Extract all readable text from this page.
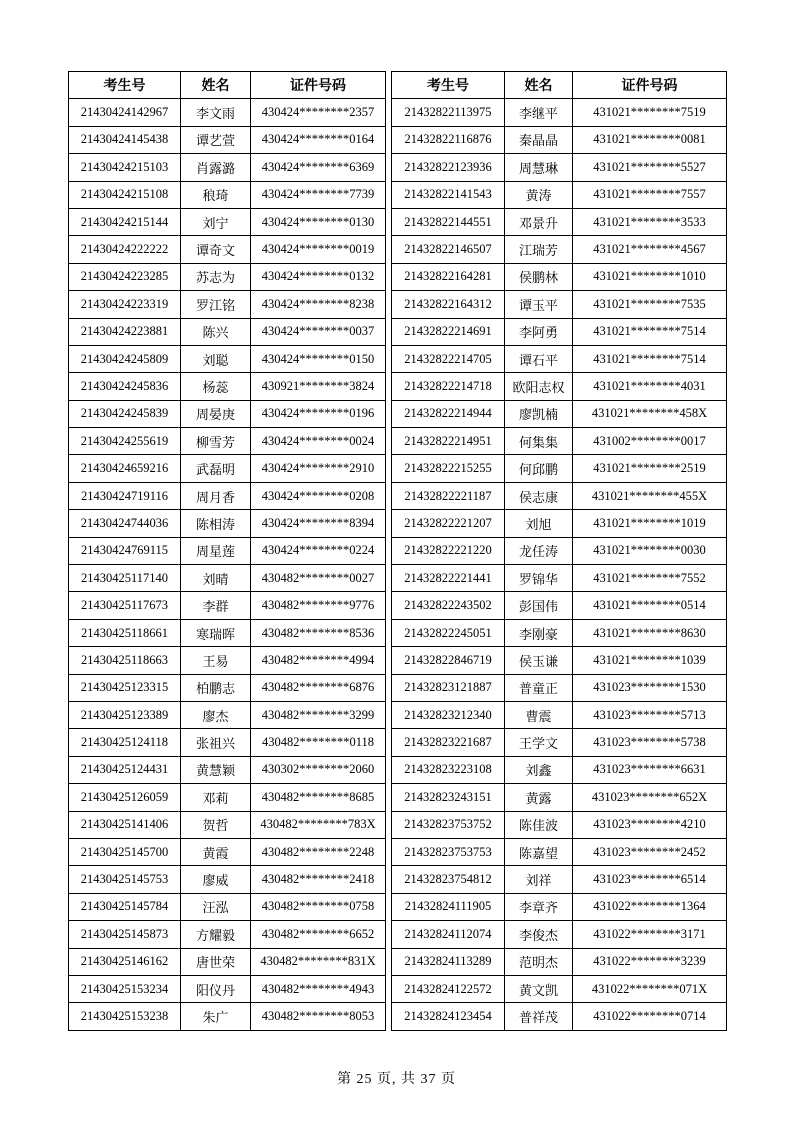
考生号	姓名	证件号码
21430424142967	李文雨	430424********2357
21430424145438	谭艺萱	430424********0164
21430424215103	肖露潞	430424********6369
21430424215108	稂琦	430424********7739
21430424215144	刘宁	430424********0130
21430424222222	谭奇文	430424********0019
21430424223285	苏志为	430424********0132
21430424223319	罗江铭	430424********8238
21430424223881	陈兴	430424********0037
21430424245809	刘聪	430424********0150
21430424245836	杨蕊	430921********3824
21430424245839	周晏庚	430424********0196
21430424255619	柳雪芳	430424********0024
21430424659216	武磊明	430424********2910
21430424719116	周月香	430424********0208
21430424744036	陈相涛	430424********8394
21430424769115	周星莲	430424********0224
21430425117140	刘晴	430482********0027
21430425117673	李群	430482********9776
21430425118661	寒瑞晖	430482********8536
21430425118663	王易	430482********4994
21430425123315	柏鹏志	430482********6876
21430425123389	廖杰	430482********3299
21430425124118	张祖兴	430482********0118
21430425124431	黄慧颖	430302********2060
21430425126059	邓莉	430482********8685
21430425141406	贺哲	430482********783X
21430425145700	黄霞	430482********2248
21430425145753	廖威	430482********2418
21430425145784	汪泓	430482********0758
21430425145873	方耀毅	430482********6652
21430425146162	唐世荣	430482********831X
21430425153234	阳仪丹	430482********4943
21430425153238	朱广	430482********8053
考生号	姓名	证件号码
21432822113975	李继平	431021********7519
21432822116876	秦晶晶	431021********0081
21432822123936	周慧琳	431021********5527
21432822141543	黄涛	431021********7557
21432822144551	邓景升	431021********3533
21432822146507	江瑞芳	431021********4567
21432822164281	侯鹏林	431021********1010
21432822164312	谭玉平	431021********7535
21432822214691	李阿勇	431021********7514
21432822214705	谭石平	431021********7514
21432822214718	欧阳志权	431021********4031
21432822214944	廖凯楠	431021********458X
21432822214951	何集集	431002********0017
21432822215255	何邱鹏	431021********2519
21432822221187	侯志康	431021********455X
21432822221207	刘旭	431021********1019
21432822221220	龙任涛	431021********0030
21432822221441	罗锦华	431021********7552
21432822243502	彭国伟	431021********0514
21432822245051	李刚豪	431021********8630
21432822846719	侯玉谦	431021********1039
21432823121887	普童正	431023********1530
21432823212340	曹震	431023********5713
21432823221687	王学文	431023********5738
21432823223108	刘鑫	431023********6631
21432823243151	黄露	431023********652X
21432823753752	陈佳波	431023********4210
21432823753753	陈嘉望	431023********2452
21432823754812	刘祥	431023********6514
21432824111905	李章齐	431022********1364
21432824112074	李俊杰	431022********3171
21432824113289	范明杰	431022********3239
21432824122572	黄文凯	431022********071X
21432824123454	普祥茂	431022********0714
第 25 页, 共 37 页
